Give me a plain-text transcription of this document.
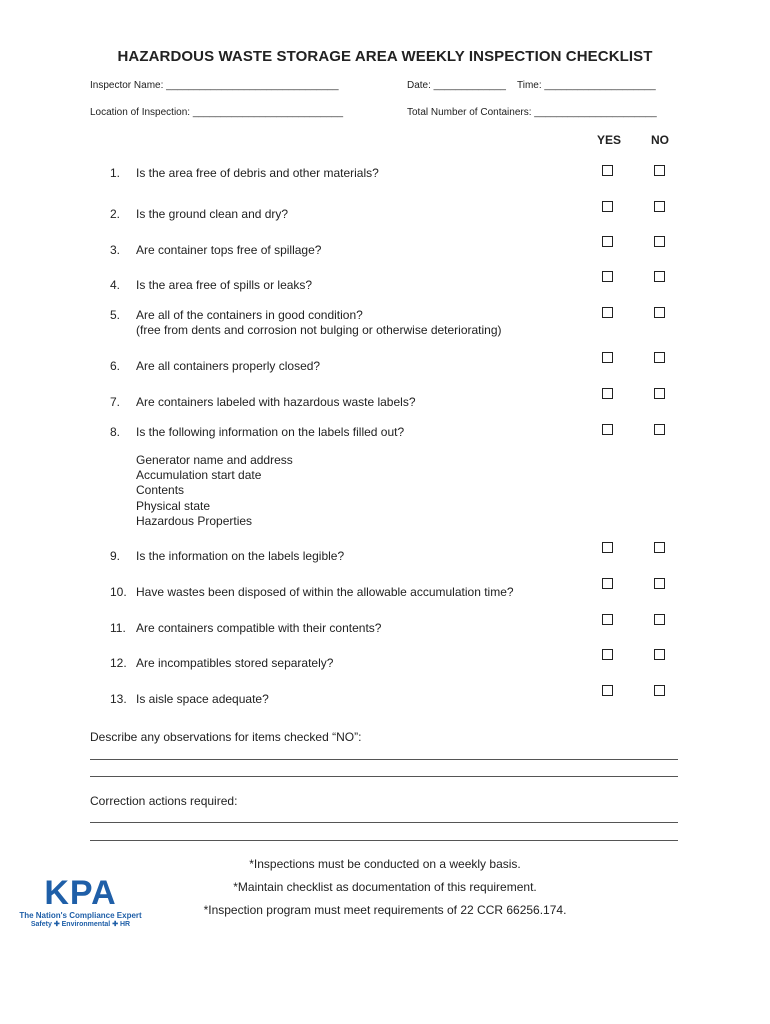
HAZARDOUS WASTE STORAGE AREA WEEKLY INSPECTION CHECKLIST
Inspector Name: _______________________________	Date: _____________ Time: ____________________
Location of Inspection: ___________________________	Total Number of Containers: ______________________
YES NO
1. Is the area free of debris and other materials?
2. Is the ground clean and dry?
3. Are container tops free of spillage?
4. Is the area free of spills or leaks?
5. Are all of the containers in good condition?
(free from dents and corrosion not bulging or otherwise deteriorating)
6. Are all containers properly closed?
7. Are containers labeled with hazardous waste labels?
8. Is the following information on the labels filled out?
Generator name and address
Accumulation start date
Contents
Physical state
Hazardous Properties
9. Is the information on the labels legible?
10. Have wastes been disposed of within the allowable accumulation time?
11. Are containers compatible with their contents?
12. Are incompatibles stored separately?
13. Is aisle space adequate?
Describe any observations for items checked “NO”:
Correction actions required:
*Inspections must be conducted on a weekly basis.
*Maintain checklist as documentation of this requirement.
*Inspection program must meet requirements of 22 CCR 66256.174.
KPA
The Nation's Compliance Expert
Safety ✚ Environmental ✚ HR
